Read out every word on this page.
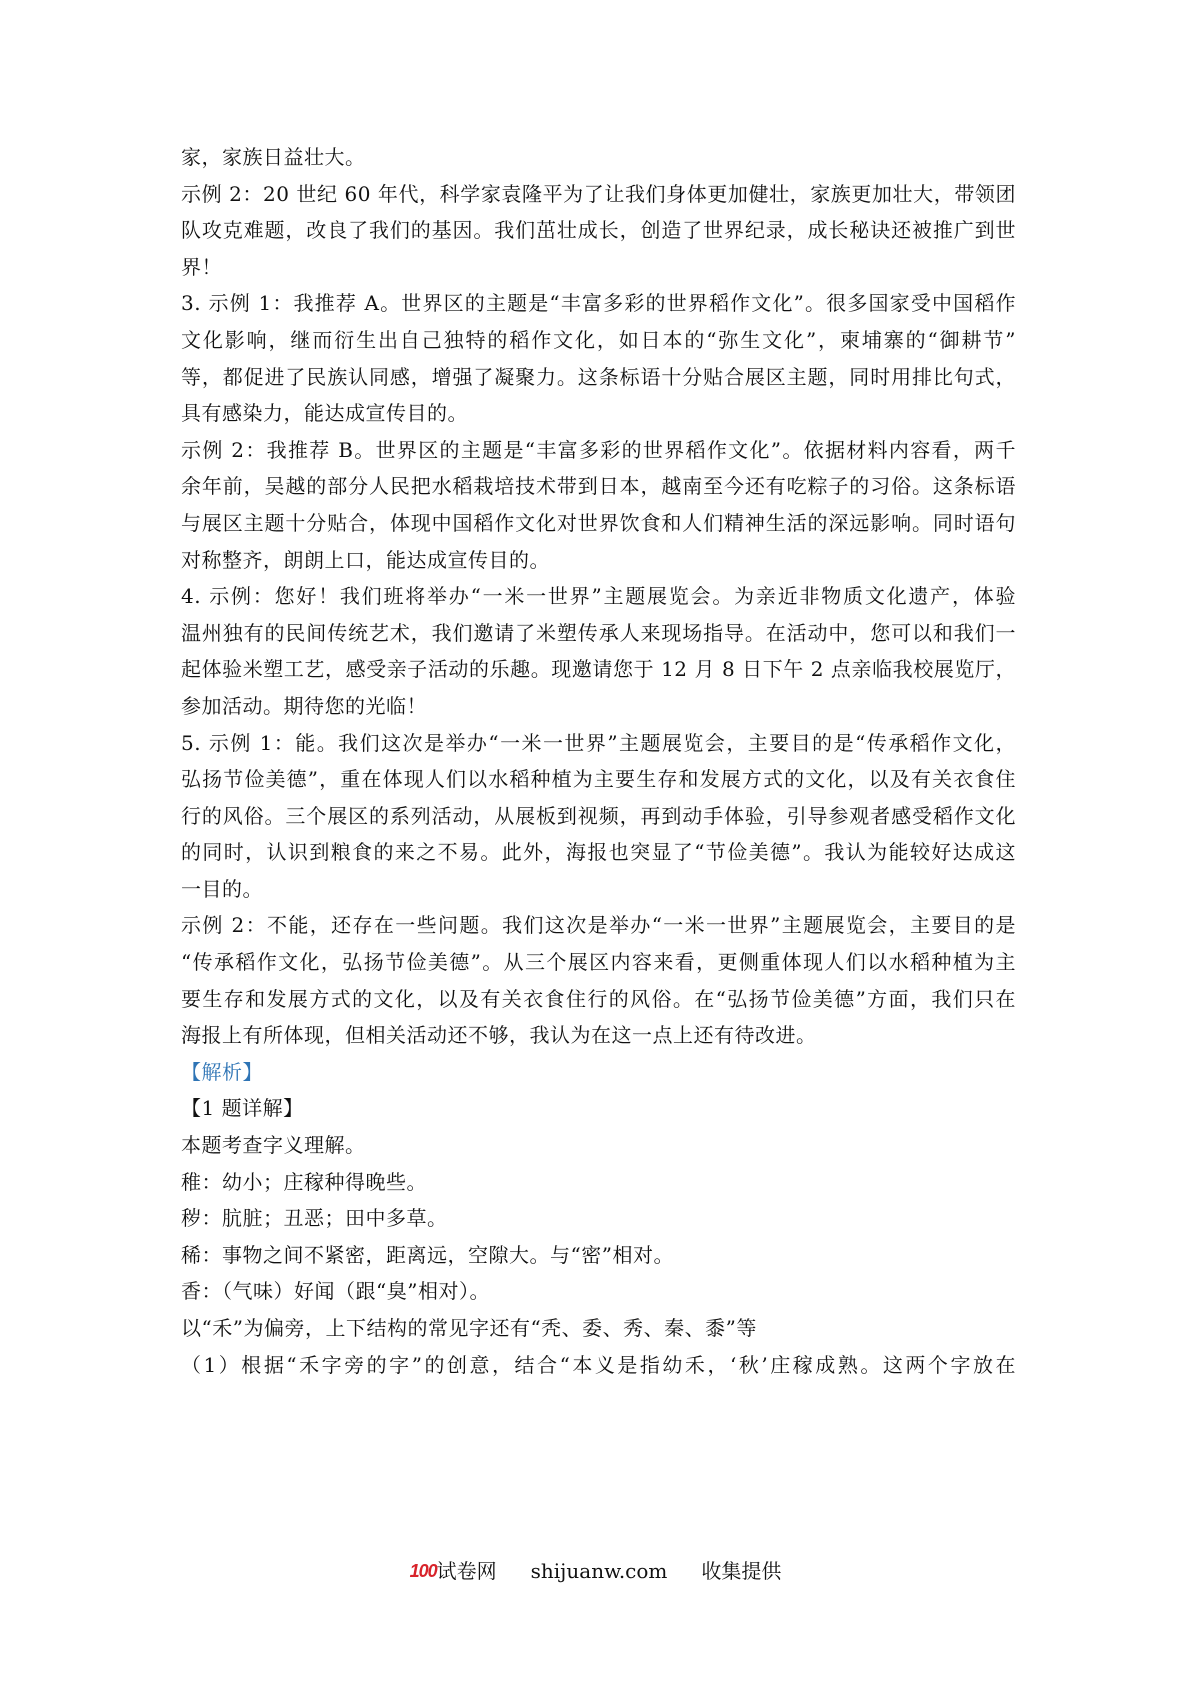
家，家族日益壮大。
示例 2：20 世纪 60 年代，科学家袁隆平为了让我们身体更加健壮，家族更加壮大，带领团
队攻克难题，改良了我们的基因。我们茁壮成长，创造了世界纪录，成长秘诀还被推广到世
界！
3. 示例 1：我推荐 A。世界区的主题是“丰富多彩的世界稻作文化”。很多国家受中国稻作
文化影响，继而衍生出自己独特的稻作文化，如日本的“弥生文化”，柬埔寨的“御耕节”
等，都促进了民族认同感，增强了凝聚力。这条标语十分贴合展区主题，同时用排比句式，
具有感染力，能达成宣传目的。
示例 2：我推荐 B。世界区的主题是“丰富多彩的世界稻作文化”。依据材料内容看，两千
余年前，吴越的部分人民把水稻栽培技术带到日本，越南至今还有吃粽子的习俗。这条标语
与展区主题十分贴合，体现中国稻作文化对世界饮食和人们精神生活的深远影响。同时语句
对称整齐，朗朗上口，能达成宣传目的。
4. 示例：您好！我们班将举办“一米一世界”主题展览会。为亲近非物质文化遗产，体验
温州独有的民间传统艺术，我们邀请了米塑传承人来现场指导。在活动中，您可以和我们一
起体验米塑工艺，感受亲子活动的乐趣。现邀请您于 12 月 8 日下午 2 点亲临我校展览厅，
参加活动。期待您的光临！
5. 示例 1：能。我们这次是举办“一米一世界”主题展览会，主要目的是“传承稻作文化，
弘扬节俭美德”，重在体现人们以水稻种植为主要生存和发展方式的文化，以及有关衣食住
行的风俗。三个展区的系列活动，从展板到视频，再到动手体验，引导参观者感受稻作文化
的同时，认识到粮食的来之不易。此外，海报也突显了“节俭美德”。我认为能较好达成这
一目的。
示例 2：不能，还存在一些问题。我们这次是举办“一米一世界”主题展览会，主要目的是
“传承稻作文化，弘扬节俭美德”。从三个展区内容来看，更侧重体现人们以水稻种植为主
要生存和发展方式的文化，以及有关衣食住行的风俗。在“弘扬节俭美德”方面，我们只在
海报上有所体现，但相关活动还不够，我认为在这一点上还有待改进。
【解析】
【1 题详解】
本题考查字义理解。
稚：幼小；庄稼种得晚些。
秽：肮脏；丑恶；田中多草。
稀：事物之间不紧密，距离远，空隙大。与“密”相对。
香：（气味）好闻（跟“臭”相对）。
以“禾”为偏旁，上下结构的常见字还有“秃、委、秀、秦、黍”等
（1）根据“禾字旁的字”的创意，结合“本义是指幼禾，‘秋’庄稼成熟。这两个字放在
100试卷网 shijuanw.com 收集提供
